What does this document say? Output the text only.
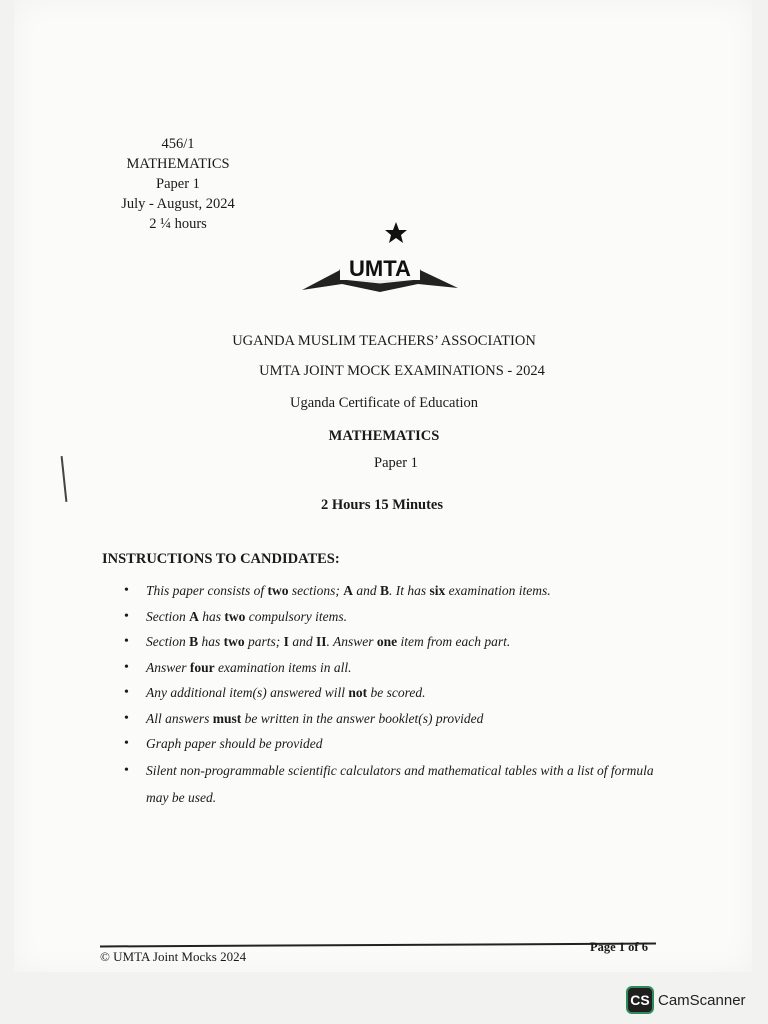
456/1
MATHEMATICS
Paper 1
July - August, 2024
2 ¼ hours
UMTA
UGANDA MUSLIM TEACHERS’ ASSOCIATION
UMTA JOINT MOCK EXAMINATIONS - 2024
Uganda Certificate of Education
MATHEMATICS
Paper 1
2 Hours 15 Minutes
INSTRUCTIONS TO CANDIDATES:
• This paper consists of two sections; A and B. It has six examination items.
• Section A has two compulsory items.
• Section B has two parts; I and II. Answer one item from each part.
• Answer four examination items in all.
• Any additional item(s) answered will not be scored.
• All answers must be written in the answer booklet(s) provided
• Graph paper should be provided
• Silent non-programmable scientific calculators and mathematical tables with a list of formula may be used.
© UMTA Joint Mocks 2024
Page 1 of 6
CS CamScanner
